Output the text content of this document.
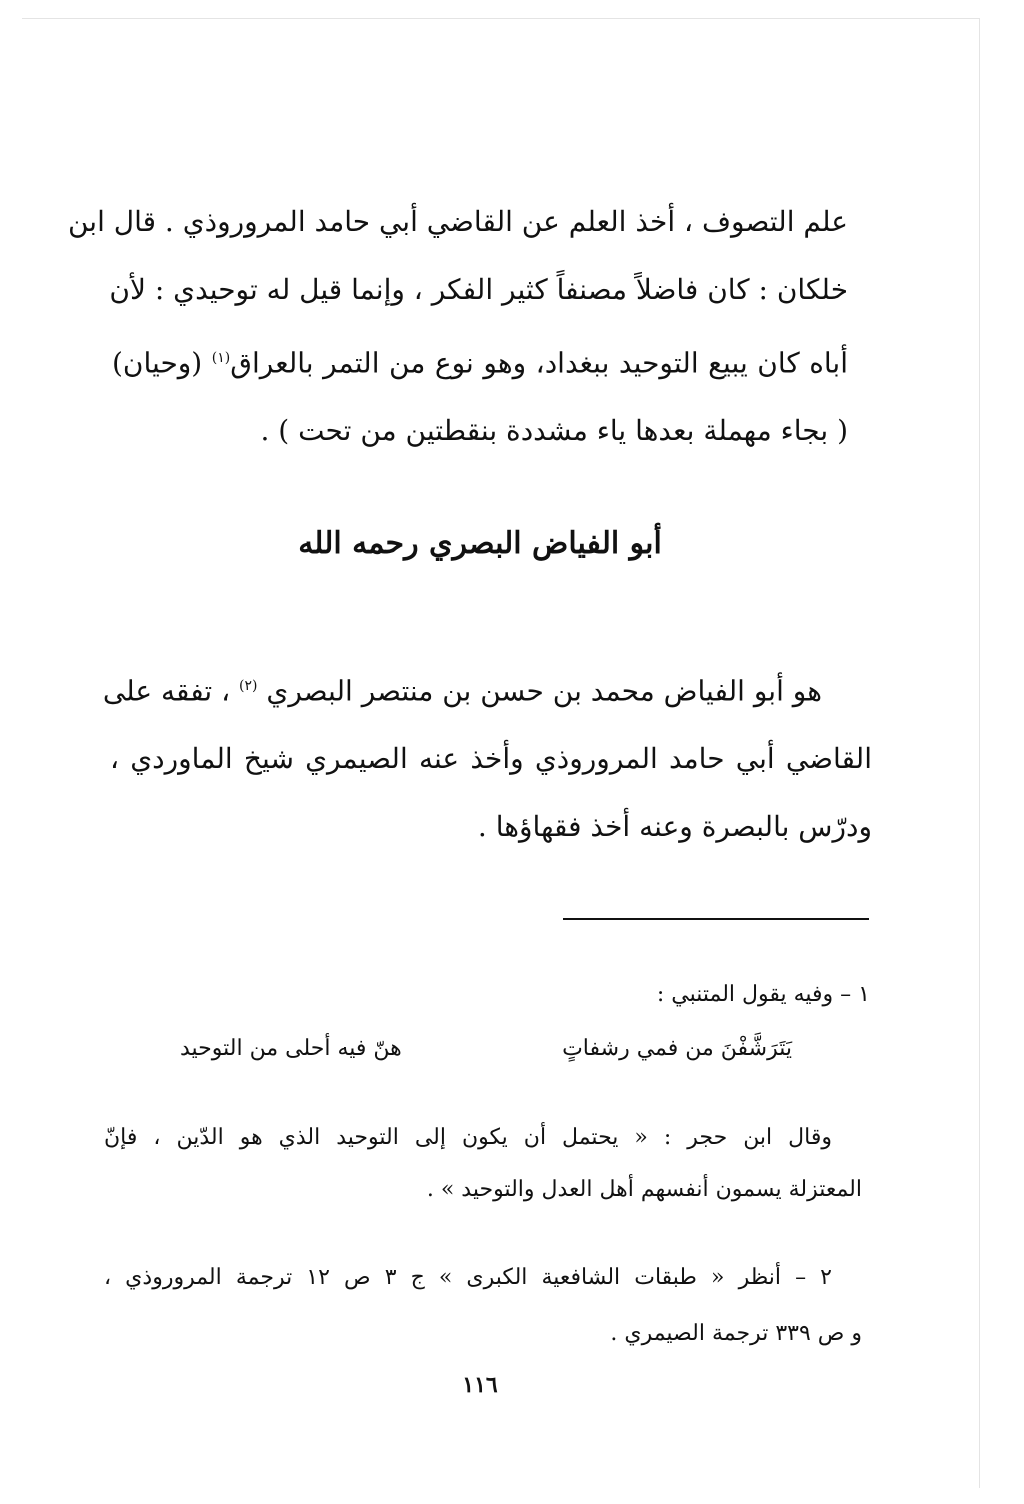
علم التصوف ، أخذ العلم عن القاضي أبي حامد المروروذي . قال ابن
خلكان : كان فاضلاً مصنفاً كثير الفكر ، وإنما قيل له توحيدي : لأن
أباه كان يبيع التوحيد ببغداد، وهو نوع من التمر بالعراق$^{(١)}$ (وحيان)
( بجاء مهملة بعدها ياء مشددة بنقطتين من تحت ) .
أبو الفياض البصري رحمه الله
هو أبو الفياض محمد بن حسن بن منتصر البصري $^{(٢)}$ ، تفقه على
القاضي أبي حامد المروروذي وأخذ عنه الصيمري شيخ الماوردي ،
ودرّس بالبصرة وعنه أخذ فقهاؤها .
١ – وفيه يقول المتنبي :
يَتَرَشَّفْنَ من فمي رشفاتٍ
هنّ فيه أحلى من التوحيد
وقال ابن حجر : « يحتمل أن يكون إلى التوحيد الذي هو الدّين ، فإنّ
المعتزلة يسمون أنفسهم أهل العدل والتوحيد » .
٢ – أنظر « طبقات الشافعية الكبرى » ج ٣ ص ١٢ ترجمة المروروذي ،
و ص ٣٣٩ ترجمة الصيمري .
١١٦
